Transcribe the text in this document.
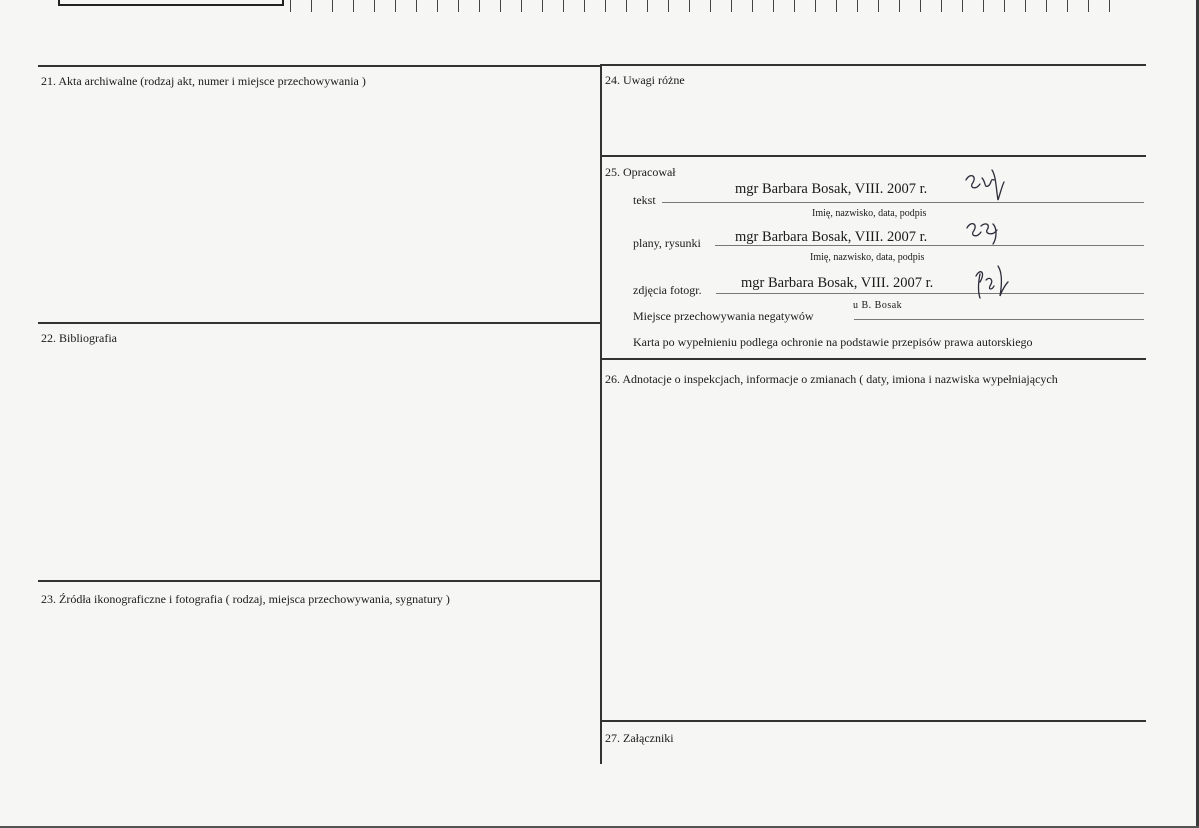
21. Akta archiwalne (rodzaj akt, numer i miejsce przechowywania )
22. Bibliografia
23. Źródła ikonograficzne i fotografia ( rodzaj, miejsca przechowywania, sygnatury )
24. Uwagi różne
25. Opracował
26. Adnotacje o inspekcjach, informacje o zmianach ( daty, imiona i nazwiska wypełniających
27. Załączniki
tekst
mgr Barbara Bosak, VIII. 2007 r.
Imię, nazwisko, data, podpis
plany, rysunki mgr Barbara Bosak, VIII. 2007 r.
Imię, nazwisko, data, podpis
zdjęcia fotogr.	mgr Barbara Bosak, VIII. 2007 r.
Miejsce przechowywania negatywów
u B. Bosak
Karta po wypełnieniu podlega ochronie na podstawie przepisów prawa autorskiego
